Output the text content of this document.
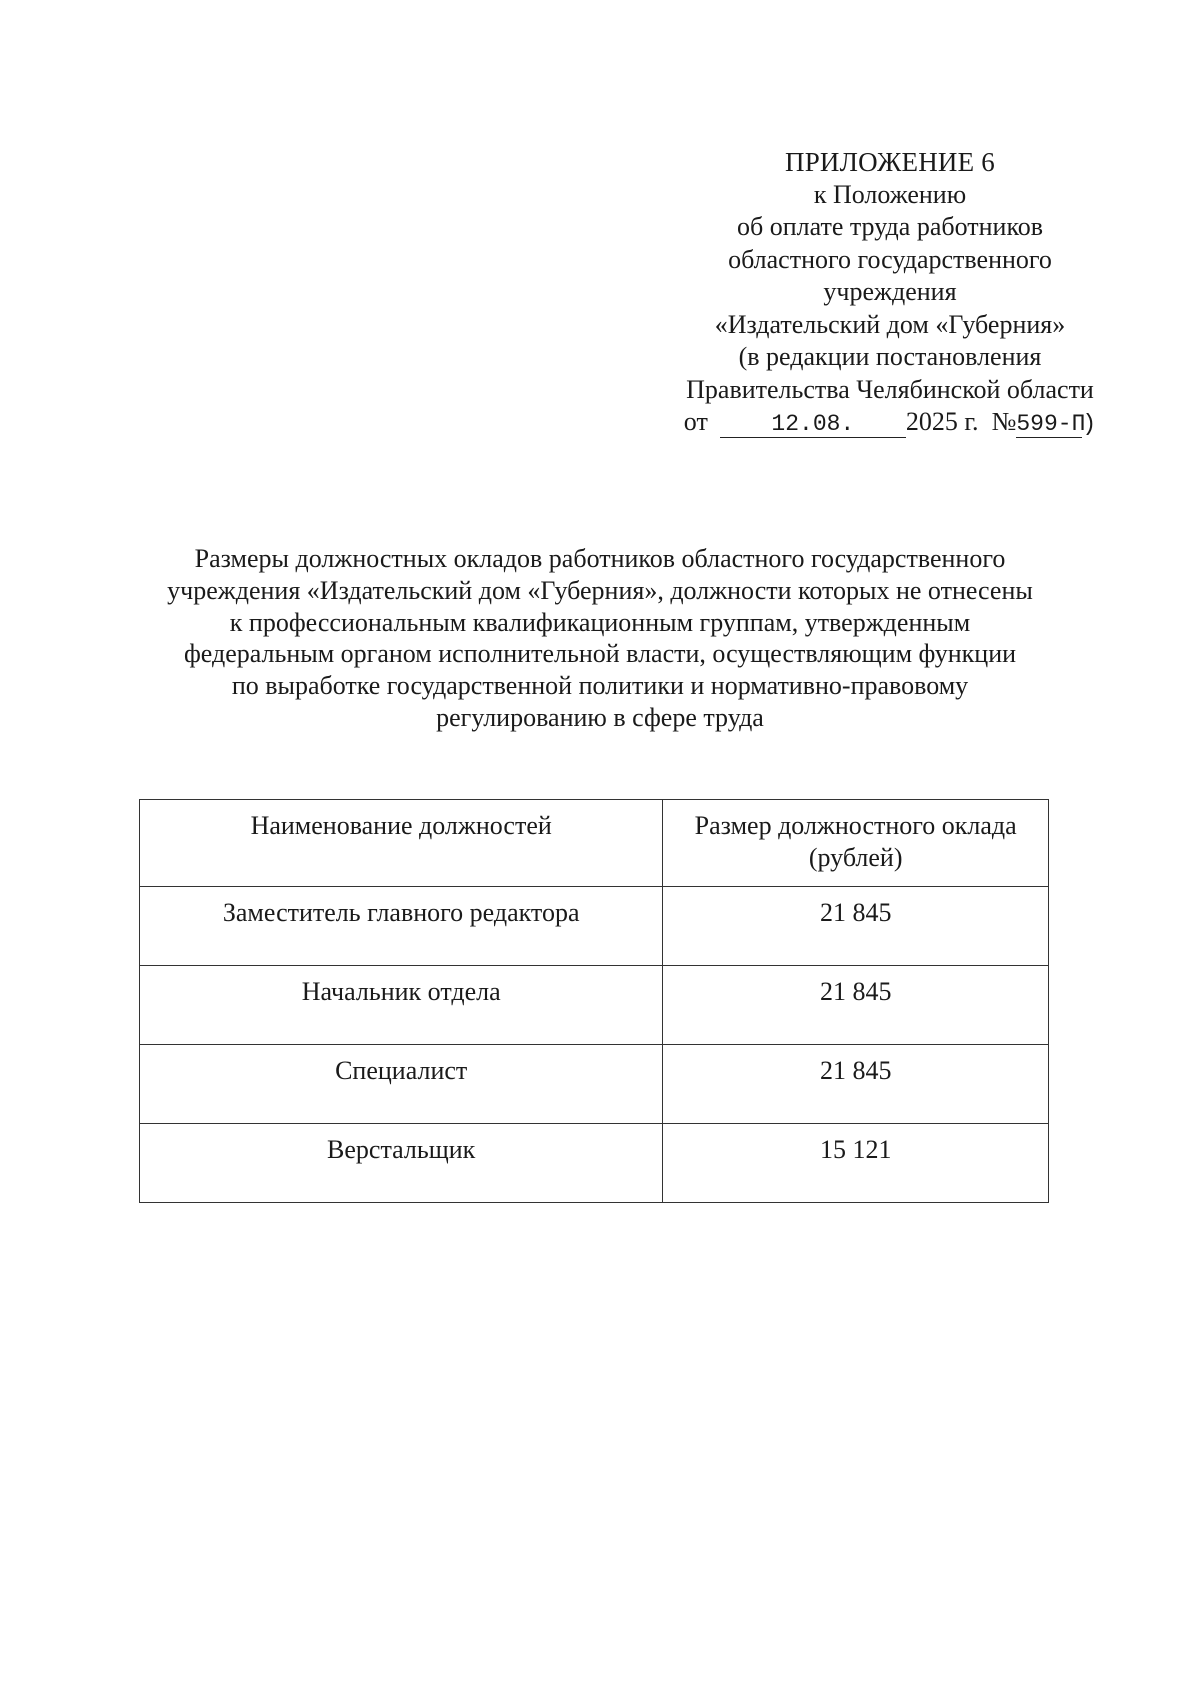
ПРИЛОЖЕНИЕ 6
к Положению
об оплате труда работников
областного государственного
учреждения
«Издательский дом «Губерния»
(в редакции постановления
Правительства Челябинской области
от	12.08. 2025 г. №599-П)
Размеры должностных окладов работников областного государственного
учреждения «Издательский дом «Губерния», должности которых не отнесены
к профессиональным квалификационным группам, утвержденным
федеральным органом исполнительной власти, осуществляющим функции
по выработке государственной политики и нормативно-правовому
регулированию в сфере труда
Наименование должностей	Размер должностного оклада (рублей)
Заместитель главного редактора	21 845
Начальник отдела	21 845
Специалист	21 845
Верстальщик	15 121
